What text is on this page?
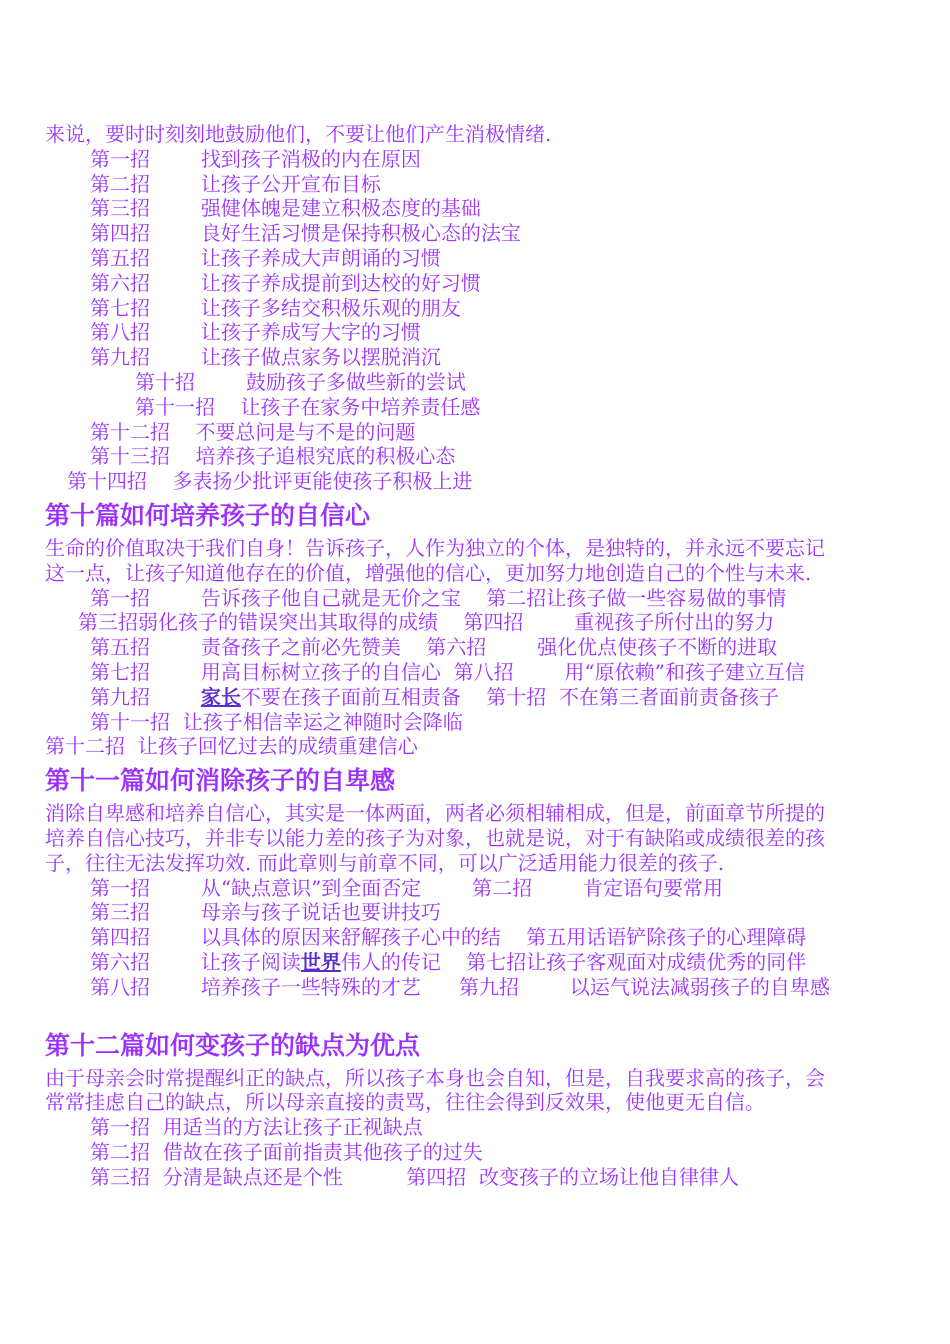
来说，要时时刻刻地鼓励他们，不要让他们产生消极情绪.
第一招	找到孩子消极的内在原因
第二招	让孩子公开宣布目标
第三招	强健体魄是建立积极态度的基础
第四招	良好生活习惯是保持积极心态的法宝
第五招	让孩子养成大声朗诵的习惯
第六招	让孩子养成提前到达校的好习惯
第七招	让孩子多结交积极乐观的朋友
第八招	让孩子养成写大字的习惯
第九招	让孩子做点家务以摆脱消沉
第十招	鼓励孩子多做些新的尝试
第十一招 让孩子在家务中培养责任感
第十二招 不要总问是与不是的问题
第十三招 培养孩子追根究底的积极心态
第十四招 多表扬少批评更能使孩子积极上进
第十篇如何培养孩子的自信心
生命的价值取决于我们自身！告诉孩子，人作为独立的个体，是独特的，并永远不要忘记
这一点，让孩子知道他存在的价值，增强他的信心，更加努力地创造自己的个性与未来.
第一招        告诉孩子他自己就是无价之宝    第二招让孩子做一些容易做的事情
第三招弱化孩子的错误突出其取得的成绩    第四招        重视孩子所付出的努力
第五招        责备孩子之前必先赞美    第六招        强化优点使孩子不断的进取
第七招        用高目标树立孩子的自信心  第八招        用“原依赖”和孩子建立互信
第九招        家长不要在孩子面前互相责备    第十招  不在第三者面前责备孩子
第十一招  让孩子相信幸运之神随时会降临
第十二招  让孩子回忆过去的成绩重建信心
第十一篇如何消除孩子的自卑感
消除自卑感和培养自信心，其实是一体两面，两者必须相辅相成，但是，前面章节所提的
培养自信心技巧，并非专以能力差的孩子为对象，也就是说，对于有缺陷或成绩很差的孩
子，往往无法发挥功效. 而此章则与前章不同，可以广泛适用能力很差的孩子.
第一招        从“缺点意识”到全面否定        第二招        肯定语句要常用
第三招        母亲与孩子说话也要讲技巧
第四招        以具体的原因来舒解孩子心中的结    第五用话语铲除孩子的心理障碍
第六招        让孩子阅读世界伟人的传记    第七招让孩子客观面对成绩优秀的同伴
第八招        培养孩子一些特殊的才艺      第九招        以运气说法减弱孩子的自卑感
第十二篇如何变孩子的缺点为优点
由于母亲会时常提醒纠正的缺点，所以孩子本身也会自知，但是，自我要求高的孩子，会
常常挂虑自己的缺点，所以母亲直接的责骂，往往会得到反效果，使他更无自信。
第一招  用适当的方法让孩子正视缺点
第二招  借故在孩子面前指责其他孩子的过失
第三招  分清是缺点还是个性          第四招  改变孩子的立场让他自律律人
